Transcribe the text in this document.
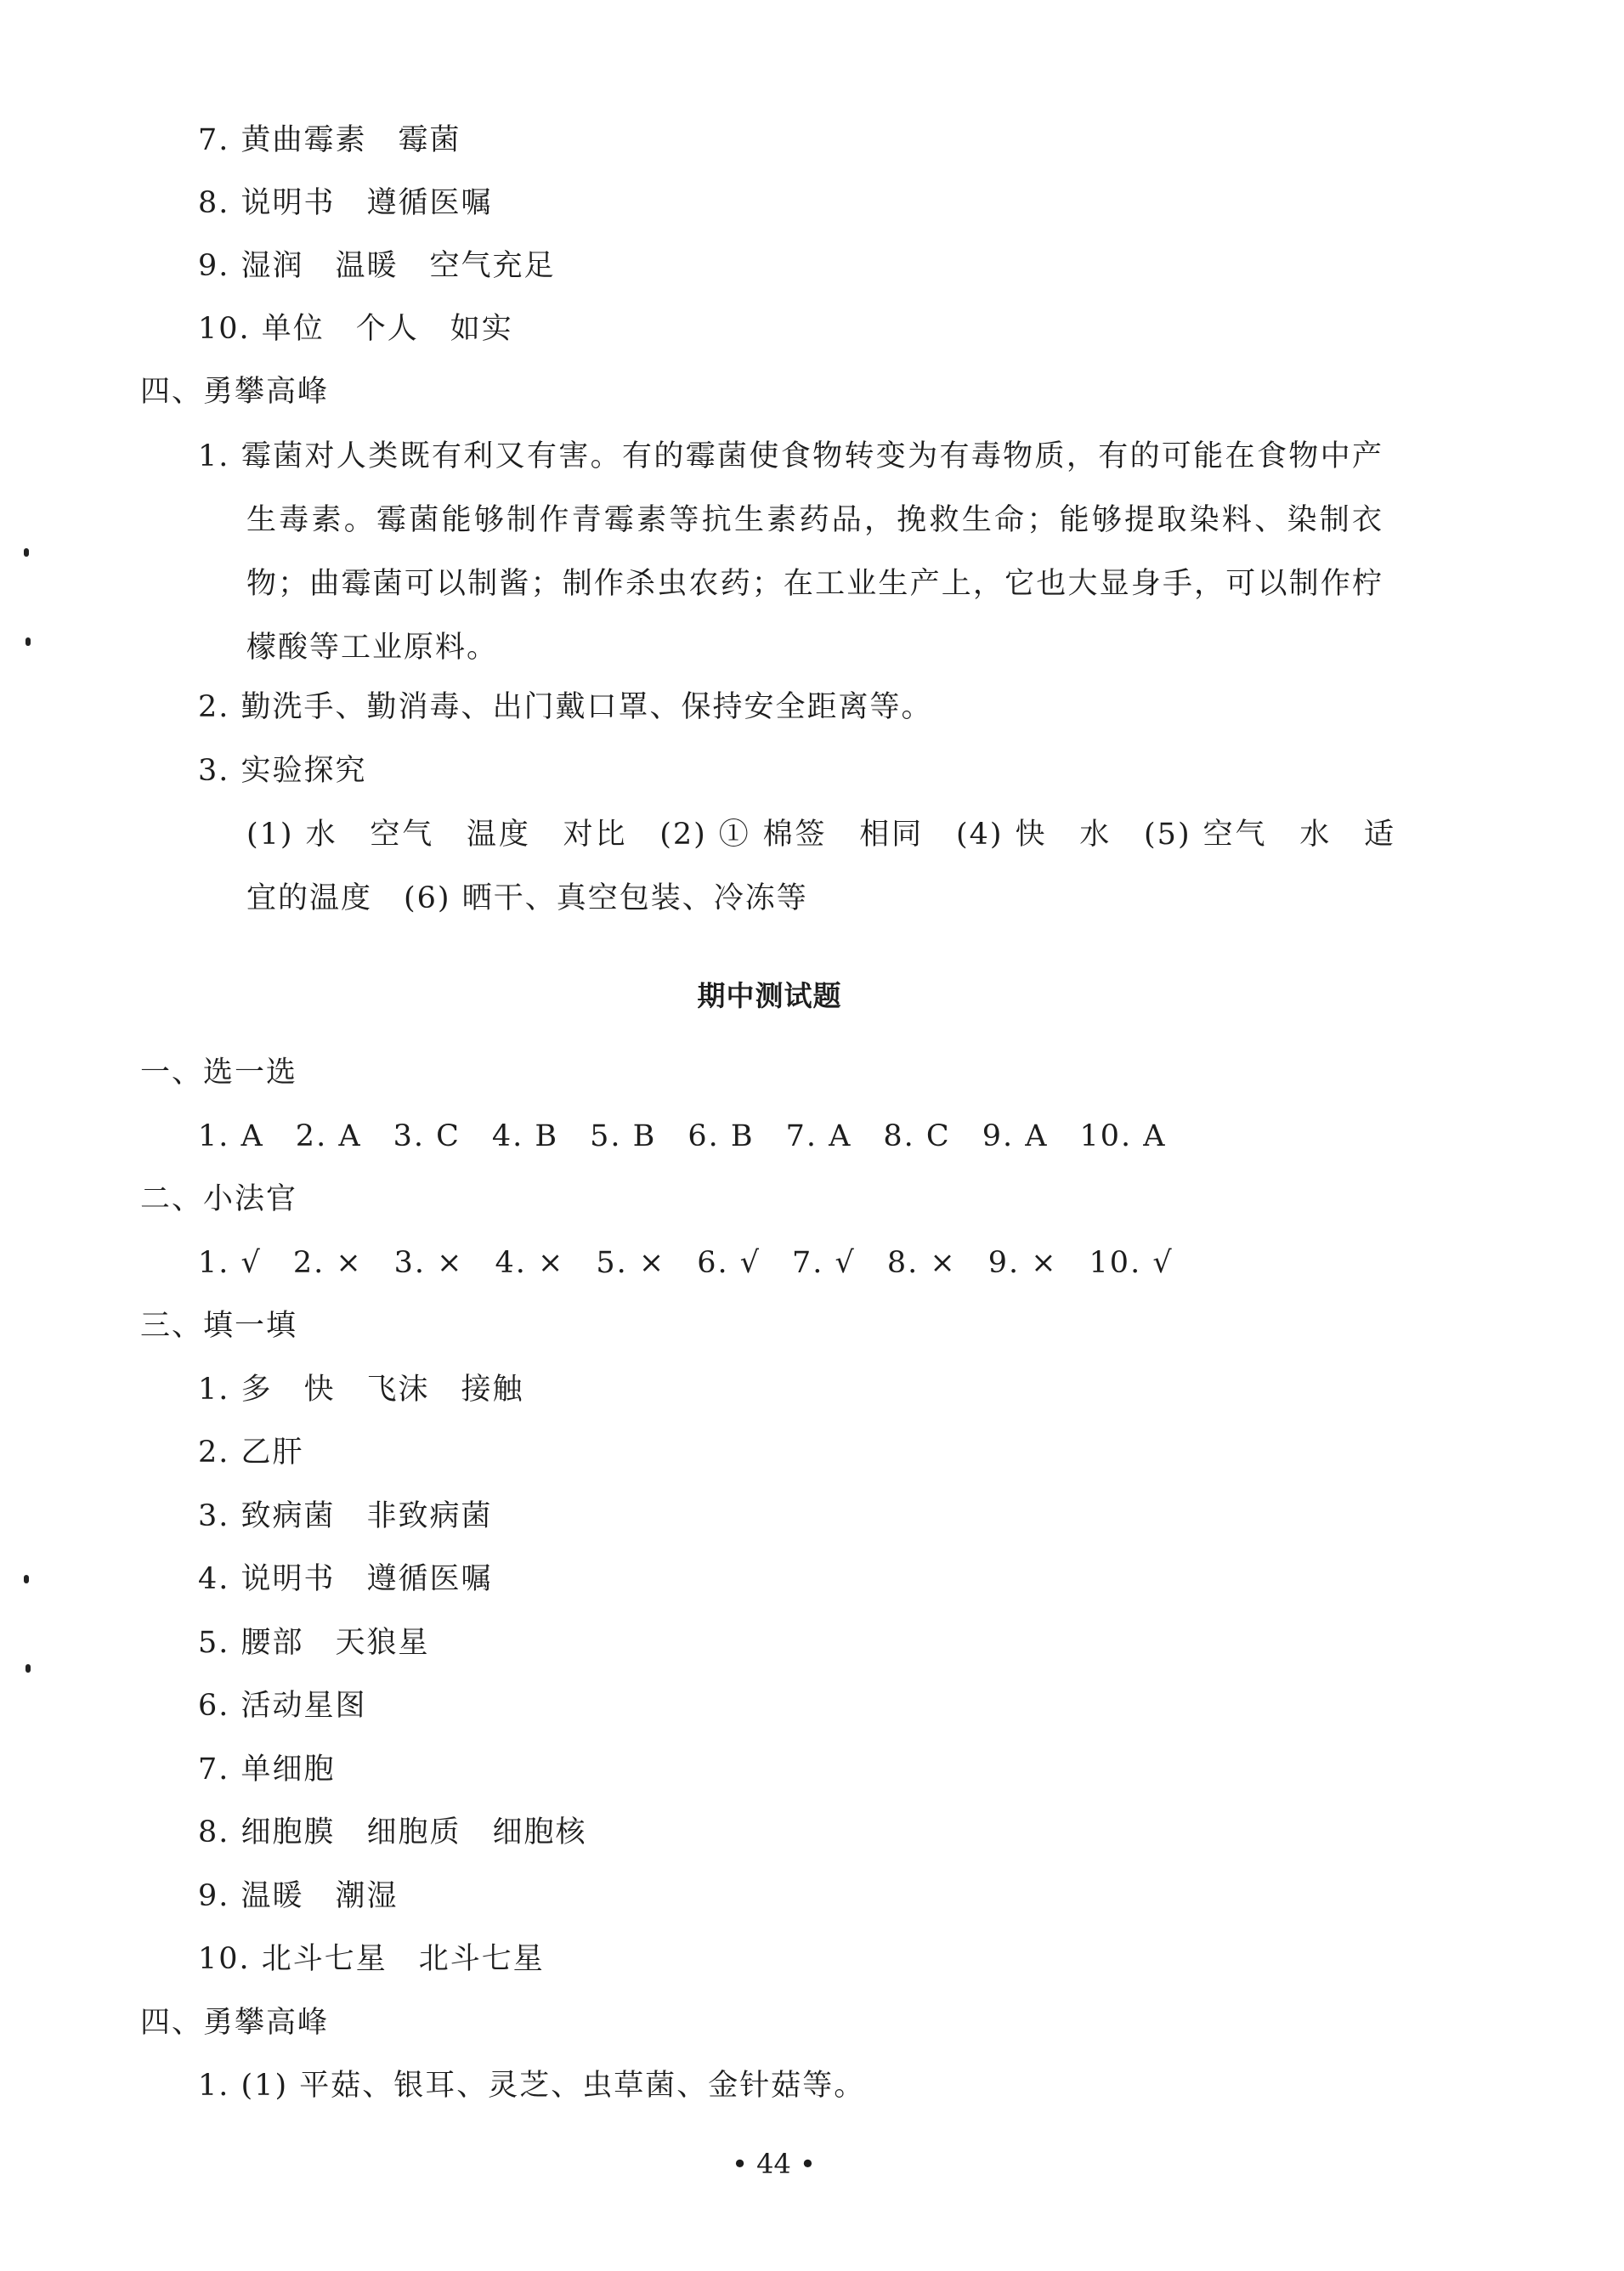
7. 黄曲霉素　霉菌
8. 说明书　遵循医嘱
9. 湿润　温暖　空气充足
10. 单位　个人　如实
四、勇攀高峰
1. 霉菌对人类既有利又有害。有的霉菌使食物转变为有毒物质，有的可能在食物中产生毒素。霉菌能够制作青霉素等抗生素药品，挽救生命；能够提取染料、染制衣物；曲霉菌可以制酱；制作杀虫农药；在工业生产上，它也大显身手，可以制作柠檬酸等工业原料。
2. 勤洗手、勤消毒、出门戴口罩、保持安全距离等。
3. 实验探究
(1) 水　空气　温度　对比　(2) ① 棉签　相同　(4) 快　水　(5) 空气　水　适宜的温度　(6) 晒干、真空包装、冷冻等
期中测试题
一、选一选
1. A　2. A　3. C　4. B　5. B　6. B　7. A　8. C　9. A　10. A
二、小法官
1. √　2. ×　3. ×　4. ×　5. ×　6. √　7. √　8. ×　9. ×　10. √
三、填一填
1. 多　快　飞沫　接触
2. 乙肝
3. 致病菌　非致病菌
4. 说明书　遵循医嘱
5. 腰部　天狼星
6. 活动星图
7. 单细胞
8. 细胞膜　细胞质　细胞核
9. 温暖　潮湿
10. 北斗七星　北斗七星
四、勇攀高峰
1. (1) 平菇、银耳、灵芝、虫草菌、金针菇等。
• 44 •
